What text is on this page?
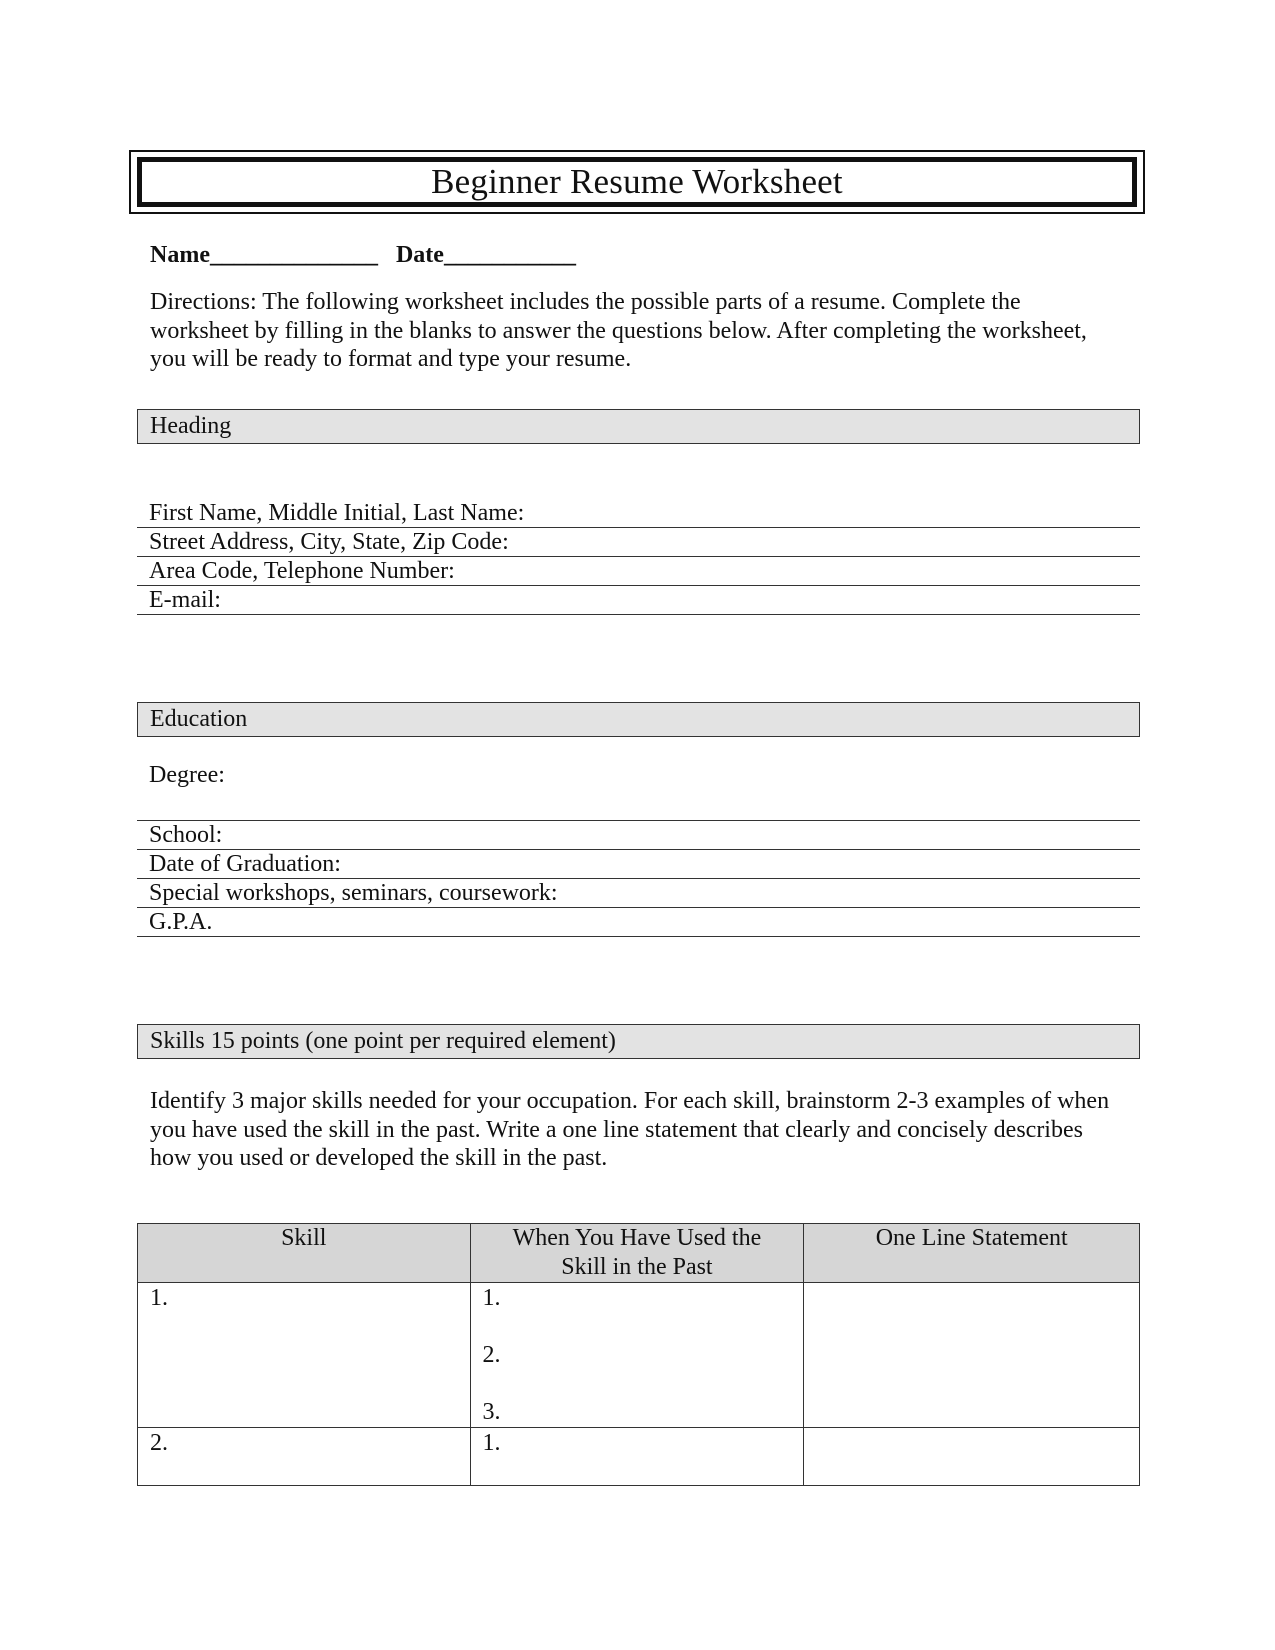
Beginner Resume Worksheet
Name______________   Date___________
Directions: The following worksheet includes the possible parts of a resume. Complete the worksheet by filling in the blanks to answer the questions below. After completing the worksheet, you will be ready to format and type your resume.
Heading
First Name, Middle Initial, Last Name:
Street Address, City, State, Zip Code:
Area Code, Telephone Number:
E-mail:
Education
Degree:
School:
Date of Graduation:
Special workshops, seminars, coursework:
G.P.A.
Skills 15 points (one point per required element)
Identify 3 major skills needed for your occupation. For each skill, brainstorm 2-3 examples of when you have used the skill in the past. Write a one line statement that clearly and concisely describes how you used or developed the skill in the past.
Skill	When You Have Used the Skill in the Past	One Line Statement
1.	1.
2.
3.	

2.	1.	
